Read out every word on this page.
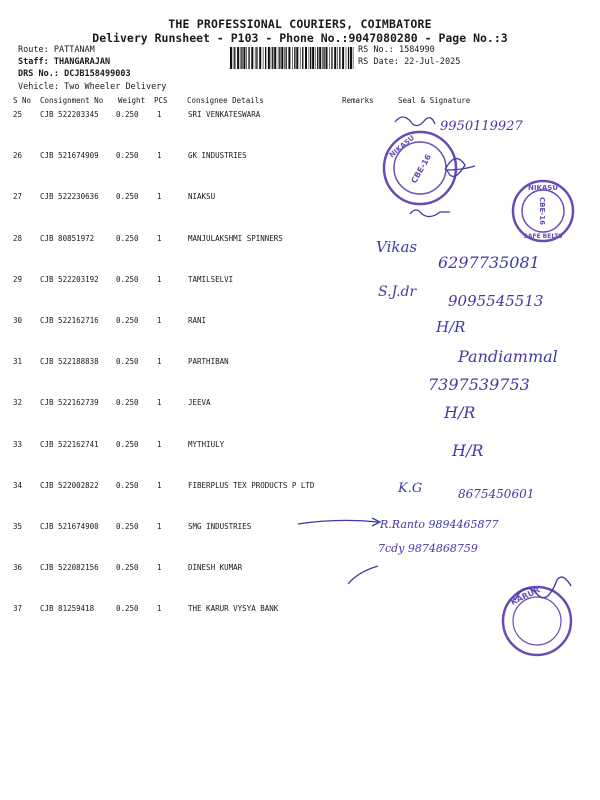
THE PROFESSIONAL COURIERS, COIMBATORE
Delivery Runsheet - P103 - Phone No.:9047080280 - Page No.:3
Route: PATTANAM
Staff: THANGARAJAN
DRS No.: DCJB158499003
Vehicle: Two Wheeler Delivery
RS No.: 1584990
RS Date: 22-Jul-2025
S No Consignment No Weight PCS	Consignee Details	Remarks	Seal & Signature
25 CJB 522203345 0.250 1	SRI VENKATESWARA
26 CJB 521674909 0.250 1	GK INDUSTRIES
27 CJB 522230636 0.250 1	NIAKSU
28 CJB 80851972	0.250 1	MANJULAKSHMI SPINNERS
29 CJB 522203192 0.250 1	TAMILSELVI
30 CJB 522162716 0.250 1	RANI
31 CJB 522188838 0.250 1	PARTHIBAN
32 CJB 522162739 0.250 1	JEEVA
33 CJB 522162741 0.250 1	MYTHIULY
34 CJB 522002822 0.250 1	FIBERPLUS TEX PRODUCTS P LTD
35 CJB 521674900 0.250 1	SMG INDUSTRIES
36 CJB 522082156 0.250 1	DINESH KUMAR
37 CJB 81259418	0.250 1	THE KARUR VYSYA BANK
CBE-16
NIKASU
NIKASU
CBE-16
SAFE BELTS
KARUR
9950119927
Vikas
6297735081
S.J.dr 9095545513
H/R
Pandiammal
7397539753
H/R
H/R
K.G	8675450601
R.Ranto 9894465877
7cdy 9874868759
